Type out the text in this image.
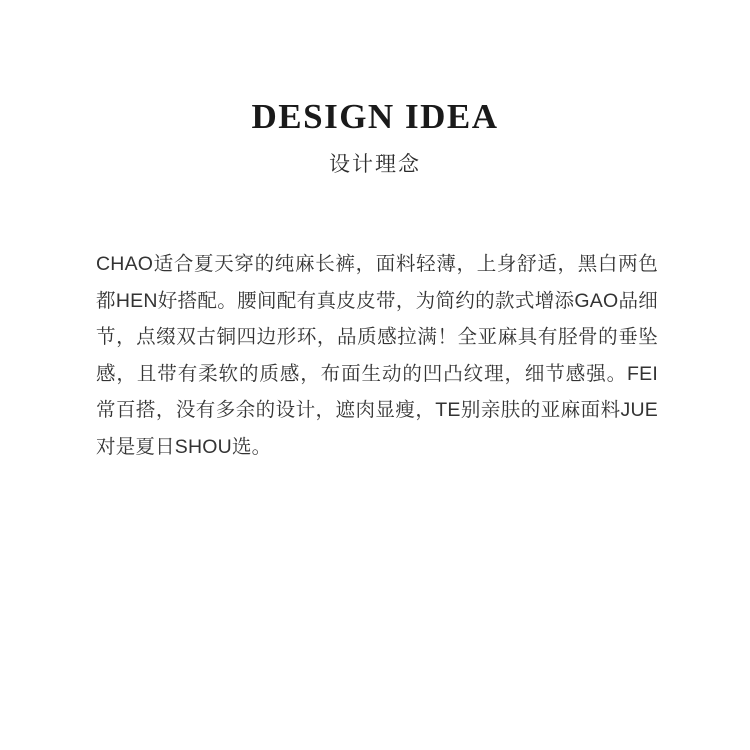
DESIGN IDEA
设计理念

CHAO适合夏天穿的纯麻长裤，面料轻薄，上身舒适，黑白两色都HEN好搭配。腰间配有真皮皮带，为简约的款式增添GAO品细节，点缀双古铜四边形环，品质感拉满！全亚麻具有胫骨的垂坠感，且带有柔软的质感，布面生动的凹凸纹理，细节感强。FEI常百搭，没有多余的设计，遮肉显瘦，TE别亲肤的亚麻面料JUE对是夏日SHOU选。
